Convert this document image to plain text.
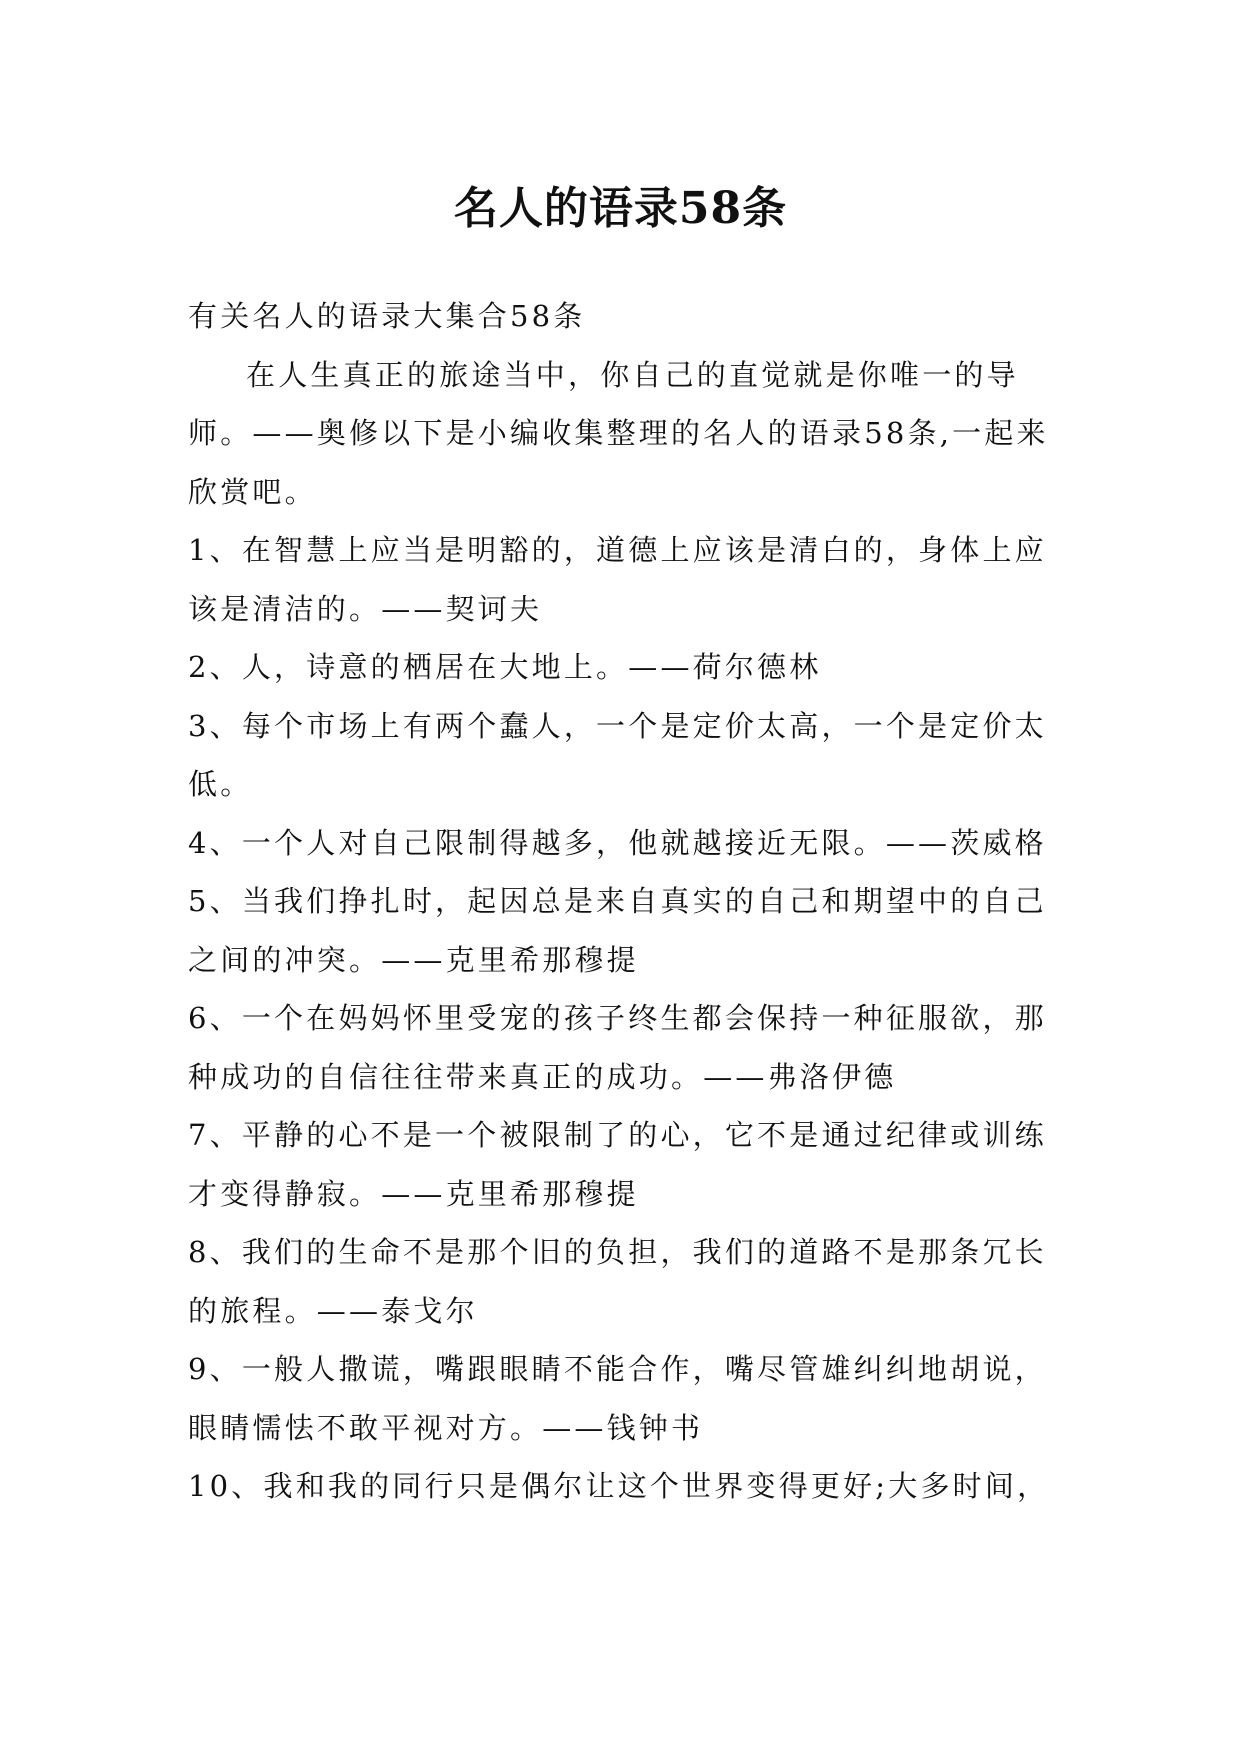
名人的语录58条

有关名人的语录大集合58条

在人生真正的旅途当中，你自己的直觉就是你唯一的导师。——奥修以下是小编收集整理的名人的语录58条,一起来欣赏吧。

1、在智慧上应当是明豁的，道德上应该是清白的，身体上应该是清洁的。——契诃夫

2、人，诗意的栖居在大地上。——荷尔德林

3、每个市场上有两个蠢人，一个是定价太高，一个是定价太低。

4、一个人对自己限制得越多，他就越接近无限。——茨威格

5、当我们挣扎时，起因总是来自真实的自己和期望中的自己之间的冲突。——克里希那穆提

6、一个在妈妈怀里受宠的孩子终生都会保持一种征服欲，那种成功的自信往往带来真正的成功。——弗洛伊德

7、平静的心不是一个被限制了的心，它不是通过纪律或训练才变得静寂。——克里希那穆提

8、我们的生命不是那个旧的负担，我们的道路不是那条冗长的旅程。——泰戈尔

9、一般人撒谎，嘴跟眼睛不能合作，嘴尽管雄纠纠地胡说，眼睛懦怯不敢平视对方。——钱钟书

10、我和我的同行只是偶尔让这个世界变得更好;大多时间，
